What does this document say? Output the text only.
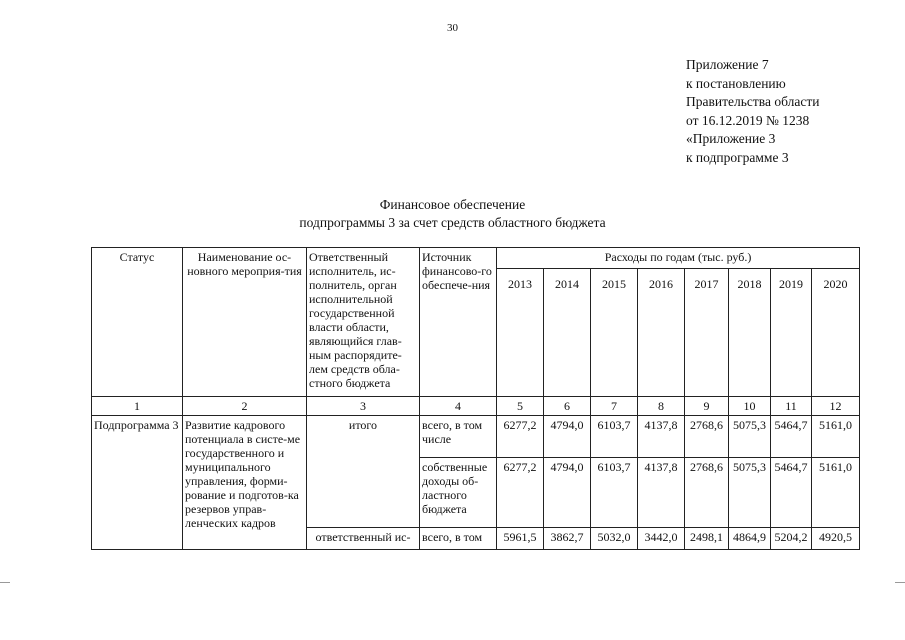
30
Приложение 7
к постановлению
Правительства области
от 16.12.2019 № 1238
«Приложение 3
к подпрограмме 3
Финансовое обеспечение
подпрограммы 3 за счет средств областного бюджета
Статус	Наименование ос-новного мероприя-тия	Ответственный исполнитель, ис-полнитель, орган исполнительной государственной власти области, являющийся глав-ным распорядите-лем средств обла-стного бюджета	Источник финансово-го обеспече-ния	Расходы по годам (тыс. руб.)							
				2013	2014	2015	2016	2017	2018	2019	2020
1	2	3	4	5	6	7	8	9	10	11	12
Подпрограмма 3	Развитие кадрового потенциала в систе-ме государственного и муниципального управления, форми-рование и подготов-ка резервов управ-ленческих кадров	итого	всего, в том числе	6277,2	4794,0	6103,7	4137,8	2768,6	5075,3	5464,7	5161,0
			собственные доходы об-ластного бюджета	6277,2	4794,0	6103,7	4137,8	2768,6	5075,3	5464,7	5161,0
		ответственный ис-	всего, в том	5961,5	3862,7	5032,0	3442,0	2498,1	4864,9	5204,2	4920,5
